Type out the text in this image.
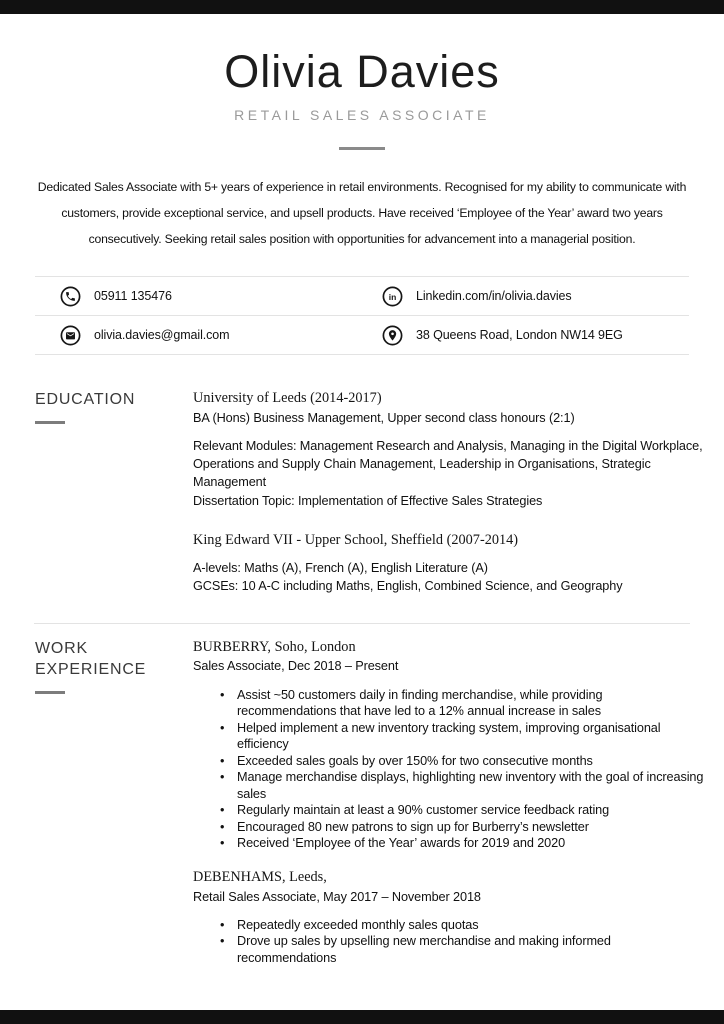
Olivia Davies
RETAIL SALES ASSOCIATE

Dedicated Sales Associate with 5+ years of experience in retail environments. Recognised for my ability to communicate with customers, provide exceptional service, and upsell products. Have received ‘Employee of the Year’ award two years consecutively. Seeking retail sales position with opportunities for advancement into a managerial position.

05911 135476	in Linkedin.com/in/olivia.davies
olivia.davies@gmail.com	38 Queens Road, London NW14 9EG
EDUCATION	University of Leeds (2014-2017)
BA (Hons) Business Management, Upper second class honours (2:1)
Relevant Modules: Management Research and Analysis, Managing in the Digital Workplace, Operations and Supply Chain Management, Leadership in Organisations, Strategic Management
Dissertation Topic: Implementation of Effective Sales Strategies
King Edward VII - Upper School, Sheffield (2007-2014)
A-levels: Maths (A), French (A), English Literature (A)
GCSEs: 10 A-C including Maths, English, Combined Science, and Geography
WORK EXPERIENCE
BURBERRY, Soho, London
Sales Associate, Dec 2018 – Present
• Assist ~50 customers daily in finding merchandise, while providing recommendations that have led to a 12% annual increase in sales
• Helped implement a new inventory tracking system, improving organisational efficiency
• Exceeded sales goals by over 150% for two consecutive months
• Manage merchandise displays, highlighting new inventory with the goal of increasing sales
• Regularly maintain at least a 90% customer service feedback rating
• Encouraged 80 new patrons to sign up for Burberry’s newsletter
• Received ‘Employee of the Year’ awards for 2019 and 2020
DEBENHAMS, Leeds,
Retail Sales Associate, May 2017 – November 2018
• Repeatedly exceeded monthly sales quotas
• Drove up sales by upselling new merchandise and making informed recommendations
